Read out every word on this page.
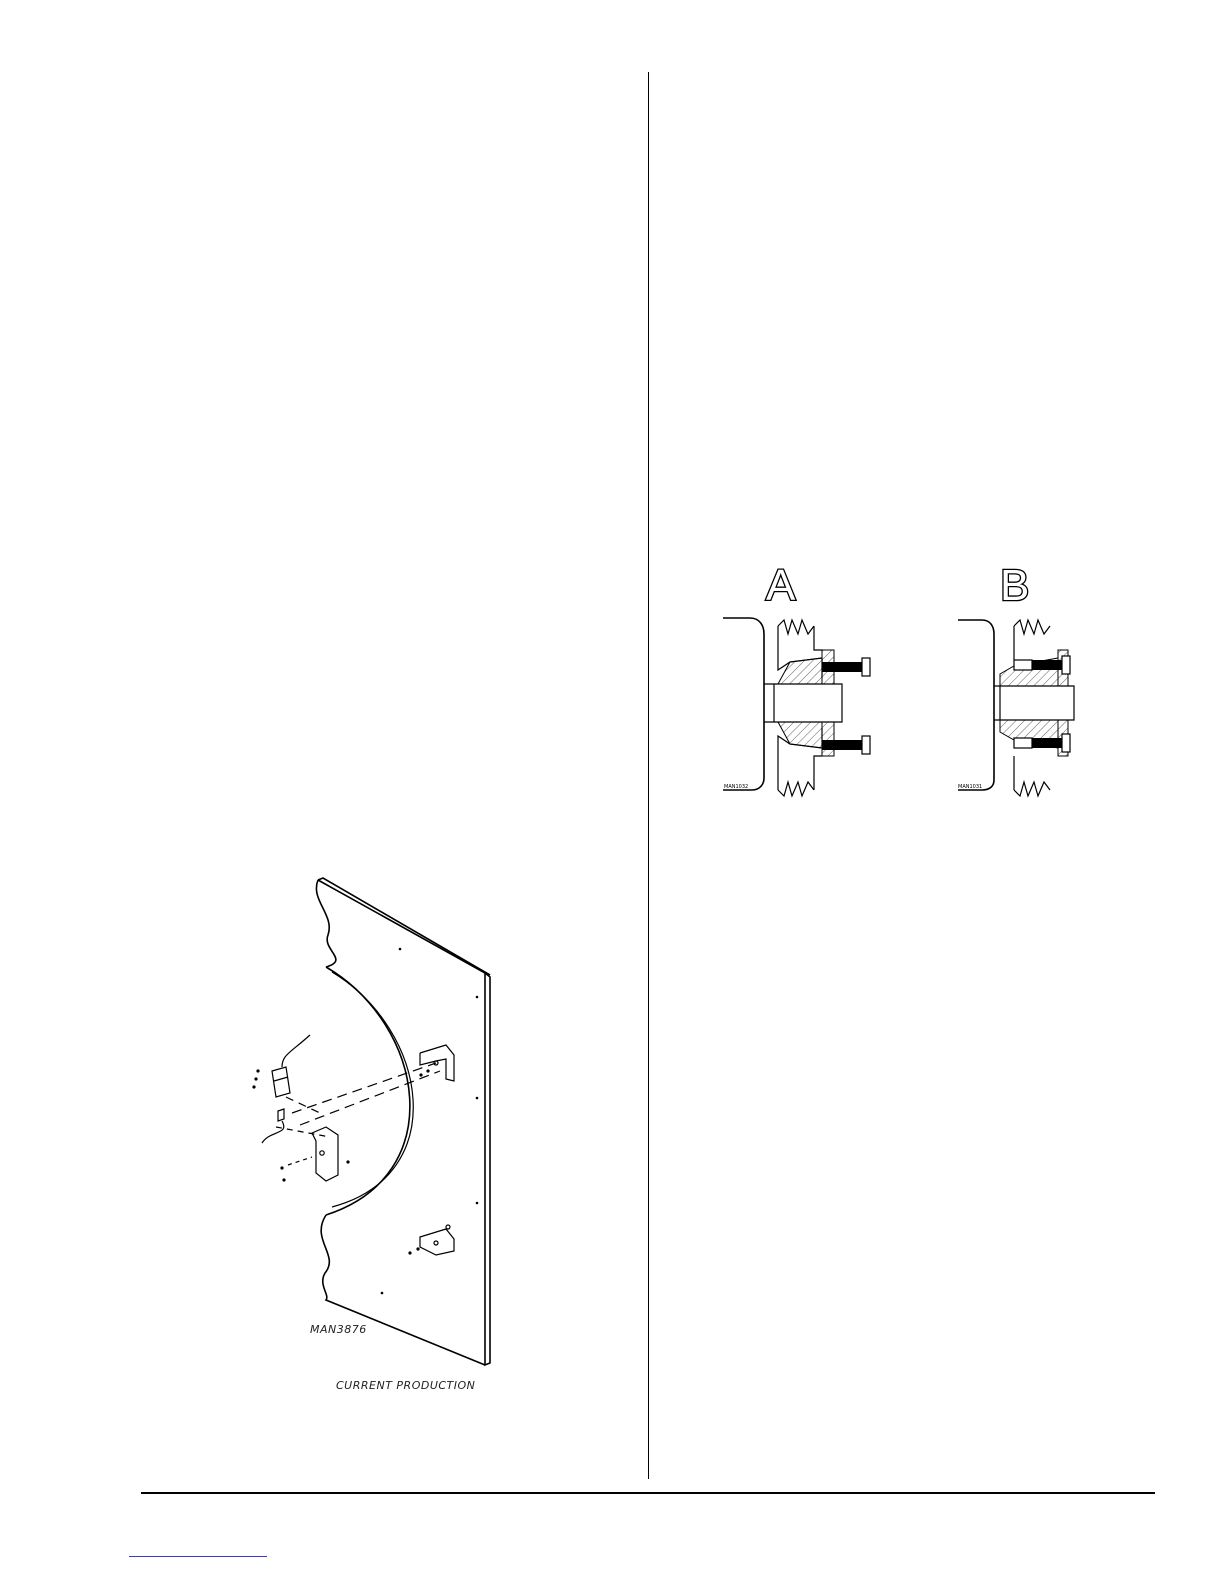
MAN3876
CURRENT PRODUCTION
A	B
MAN1032	MAN1031
